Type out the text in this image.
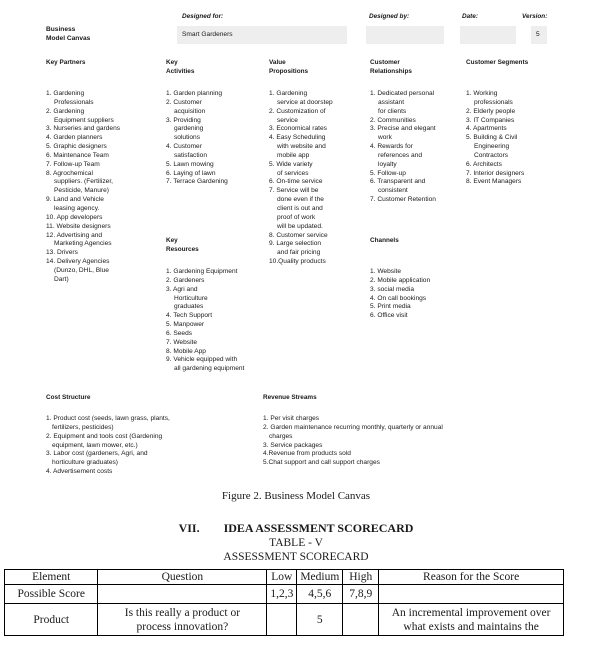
Business
Model Canvas
Designed for:
Smart Gardeners
Designed by:	Date:	Version:
5
Key Partners
1. Gardening
Professionals
2. Gardening
Equipment suppliers
3. Nurseries and gardens
4. Garden planners
5. Graphic designers
6. Maintenance Team
7. Follow-up Team
8. Agrochemical
suppliers. (Fertilizer,
Pesticide, Manure)
9. Land and Vehicle
leasing agency.
10. App developers
11. Website designers
12. Advertising and
Marketing Agencies
13. Drivers
14. Delivery Agencies
(Dunzo, DHL, Blue
Dart)
Key
Activities
1. Garden planning
2. Customer
acquisition
3. Providing
gardening
solutions
4. Customer
satisfaction
5. Lawn mowing
6. Laying of lawn
7. Terrace Gardening
Key
Resources
1. Gardening Equipment
2. Gardeners
3. Agri and
Horticulture
graduates
4. Tech Support
5. Manpower
6. Seeds
7. Website
8. Mobile App
9. Vehicle equipped with
all gardening equipment
Value
Propositions
1. Gardening
service at doorstep
2. Customization of
service
3. Economical rates
4. Easy Scheduling
with website and
mobile app
5. Wide variety
of services
6. On-time service
7. Service will be
done even if the
client is out and
proof of work
will be updated.
8. Customer service
9. Large selection
and fair pricing
10.Quality products
Customer
Relationships
1. Dedicated personal
assistant
for clients
2. Communities
3. Precise and elegant
work
4. Rewards for
references and
loyalty
5. Follow-up
6. Transparent and
consistent
7. Customer Retention
Channels
1. Website
2. Mobile application
3. social media
4. On call bookings
5. Print media
6. Office visit
Customer Segments
1. Working
professionals
2. Elderly people
3. IT Companies
4. Apartments
5. Building & Civil
Engineering
Contractors
6. Architects
7. Interior designers
8. Event Managers
Cost Structure
1. Product cost (seeds, lawn grass, plants,
fertilizers, pesticides)
2. Equipment and tools cost (Gardening
equipment, lawn mower, etc.)
3. Labor cost (gardeners, Agri, and
horticulture graduates)
4. Advertisement costs
Revenue Streams
1. Per visit charges
2. Garden maintenance recurring monthly, quarterly or annual
charges
3. Service packages
4.Revenue from products sold
5.Chat support and call support charges
Figure 2. Business Model Canvas
VII.  IDEA ASSESSMENT SCORECARD
TABLE - V
ASSESSMENT SCORECARD
Element	Question	Low	Medium	High	Reason for the Score
Possible Score		1,2,3	4,5,6	7,8,9	
Product	Is this really a product or
process innovation?		5		An incremental improvement over
what exists and maintains the
